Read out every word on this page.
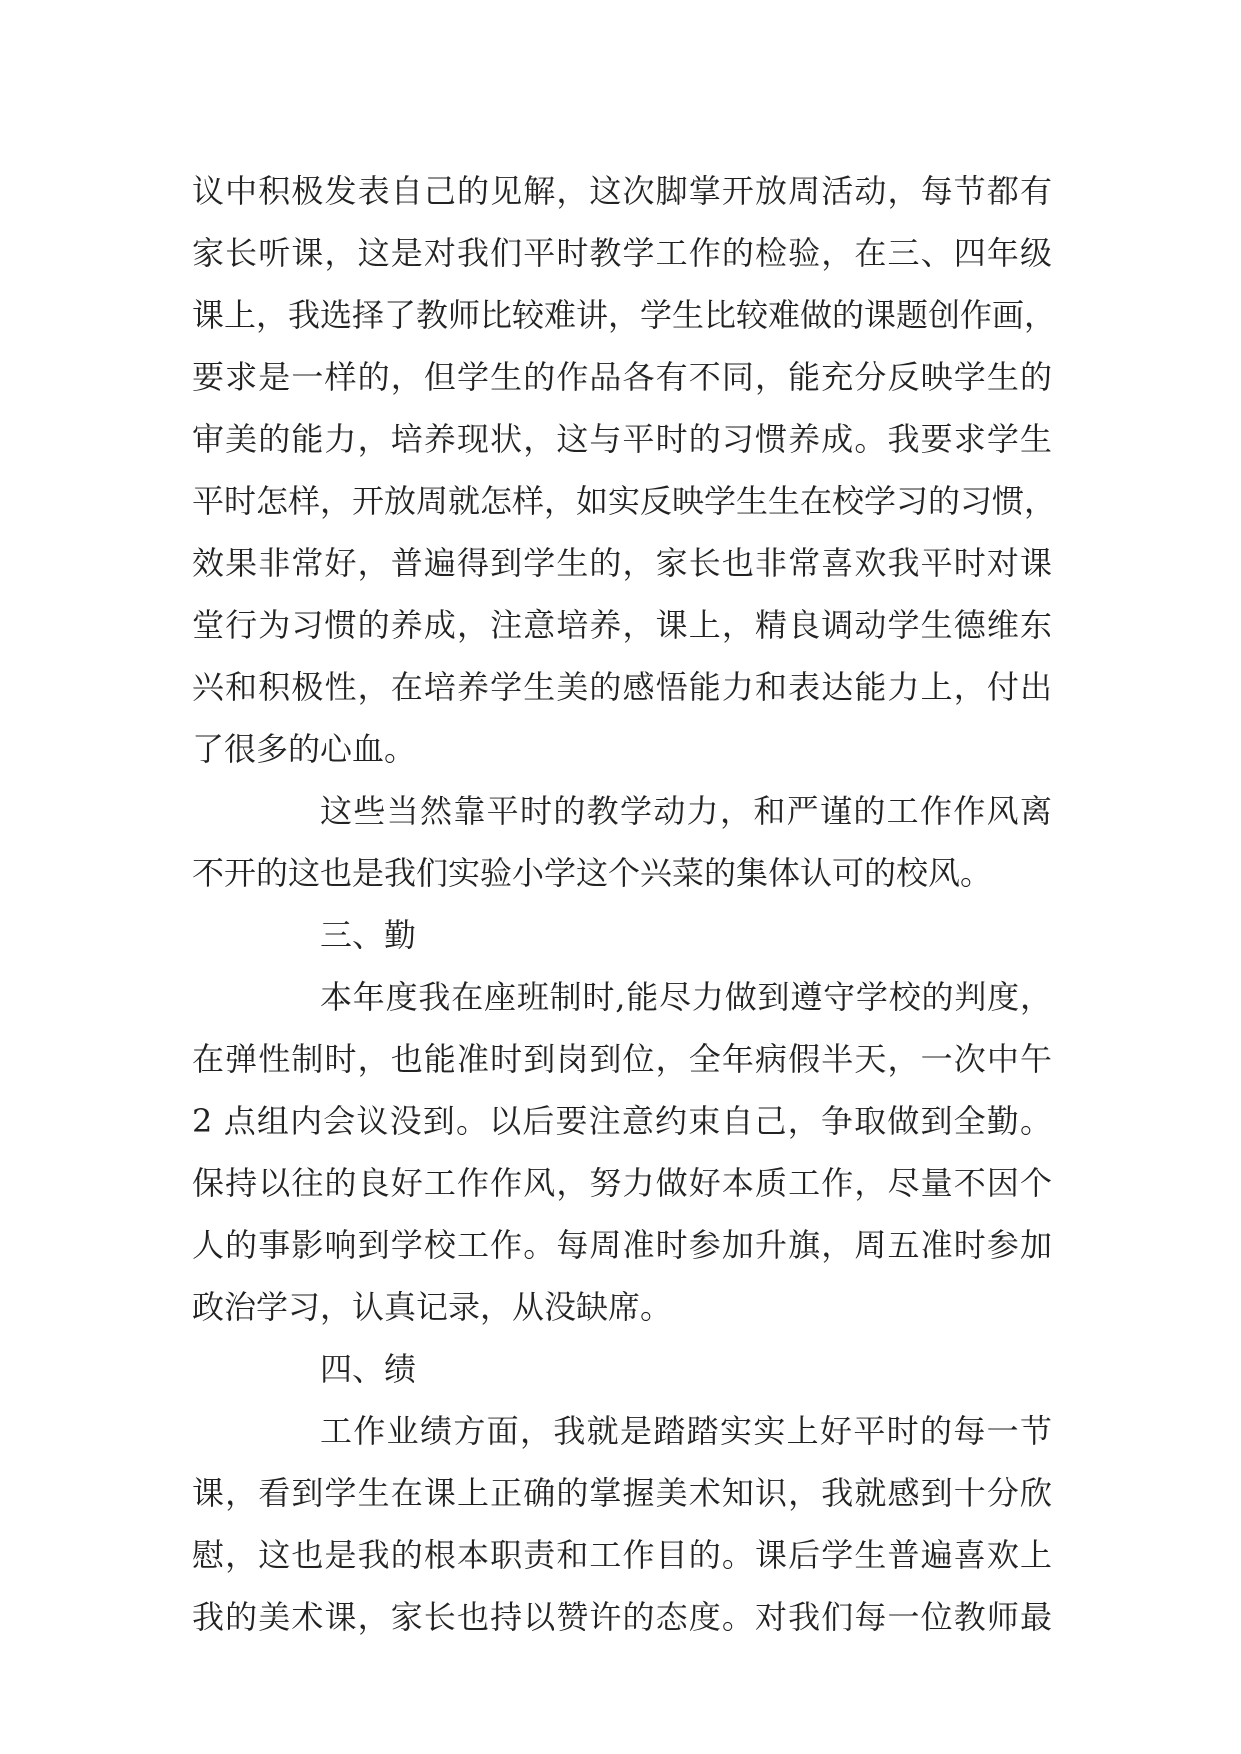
议中积极发表自己的见解，这次脚掌开放周活动，每节都有
家长听课，这是对我们平时教学工作的检验，在三、四年级
课上，我选择了教师比较难讲，学生比较难做的课题创作画，
要求是一样的，但学生的作品各有不同，能充分反映学生的
审美的能力，培养现状，这与平时的习惯养成。我要求学生
平时怎样，开放周就怎样，如实反映学生生在校学习的习惯，
效果非常好，普遍得到学生的，家长也非常喜欢我平时对课
堂行为习惯的养成，注意培养，课上，精良调动学生德维东
兴和积极性，在培养学生美的感悟能力和表达能力上，付出
了很多的心血。
这些当然靠平时的教学动力，和严谨的工作作风离
不开的这也是我们实验小学这个兴菜的集体认可的校风。
三、勤
本年度我在座班制时,能尽力做到遵守学校的判度，
在弹性制时，也能准时到岗到位，全年病假半天，一次中午
2 点组内会议没到。以后要注意约束自己，争取做到全勤。
保持以往的良好工作作风，努力做好本质工作，尽量不因个
人的事影响到学校工作。每周准时参加升旗，周五准时参加
政治学习，认真记录，从没缺席。
四、绩
工作业绩方面，我就是踏踏实实上好平时的每一节
课，看到学生在课上正确的掌握美术知识，我就感到十分欣
慰，这也是我的根本职责和工作目的。课后学生普遍喜欢上
我的美术课，家长也持以赞许的态度。对我们每一位教师最
